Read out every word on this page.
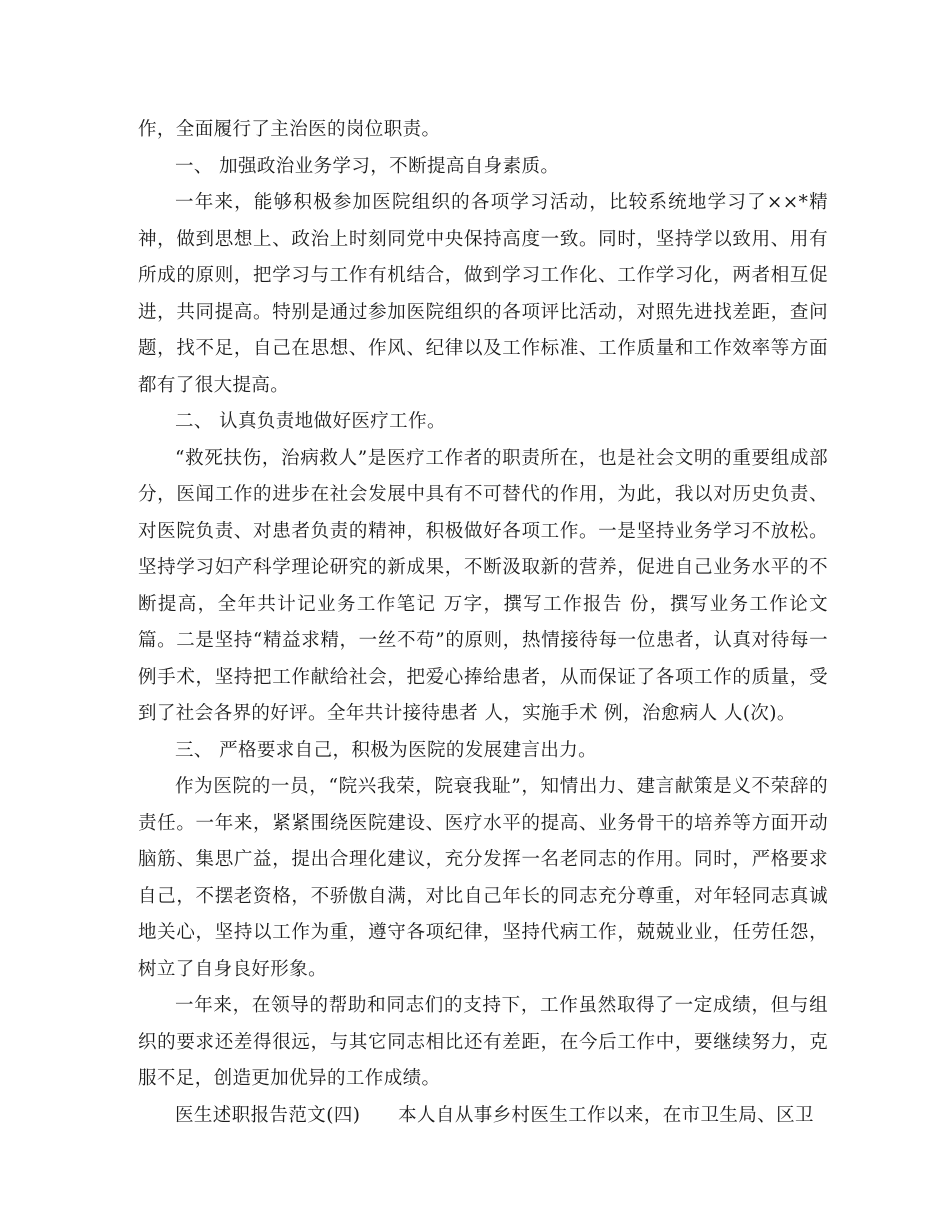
作，全面履行了主治医的岗位职责。

一、 加强政治业务学习，不断提高自身素质。

一年来，能够积极参加医院组织的各项学习活动，比较系统地学习了××*精神，做到思想上、政治上时刻同党中央保持高度一致。同时，坚持学以致用、用有所成的原则，把学习与工作有机结合，做到学习工作化、工作学习化，两者相互促进，共同提高。特别是通过参加医院组织的各项评比活动，对照先进找差距，查问题，找不足，自己在思想、作风、纪律以及工作标准、工作质量和工作效率等方面都有了很大提高。

二、 认真负责地做好医疗工作。

“救死扶伤，治病救人”是医疗工作者的职责所在，也是社会文明的重要组成部分，医闻工作的进步在社会发展中具有不可替代的作用，为此，我以对历史负责、对医院负责、对患者负责的精神，积极做好各项工作。一是坚持业务学习不放松。坚持学习妇产科学理论研究的新成果，不断汲取新的营养，促进自己业务水平的不断提高，全年共计记业务工作笔记 万字，撰写工作报告 份，撰写业务工作论文 篇。二是坚持“精益求精，一丝不苟”的原则，热情接待每一位患者，认真对待每一例手术，坚持把工作献给社会，把爱心捧给患者，从而保证了各项工作的质量，受到了社会各界的好评。全年共计接待患者 人，实施手术 例，治愈病人 人(次)。

三、 严格要求自己，积极为医院的发展建言出力。

作为医院的一员，“院兴我荣，院衰我耻”，知情出力、建言献策是义不荣辞的责任。一年来，紧紧围绕医院建设、医疗水平的提高、业务骨干的培养等方面开动脑筋、集思广益，提出合理化建议，充分发挥一名老同志的作用。同时，严格要求自己，不摆老资格，不骄傲自满，对比自己年长的同志充分尊重，对年轻同志真诚地关心，坚持以工作为重，遵守各项纪律，坚持代病工作，兢兢业业，任劳任怨，树立了自身良好形象。

一年来，在领导的帮助和同志们的支持下，工作虽然取得了一定成绩，但与组织的要求还差得很远，与其它同志相比还有差距，在今后工作中，要继续努力，克服不足，创造更加优异的工作成绩。

医生述职报告范文(四)　　本人自从事乡村医生工作以来，在市卫生局、区卫
